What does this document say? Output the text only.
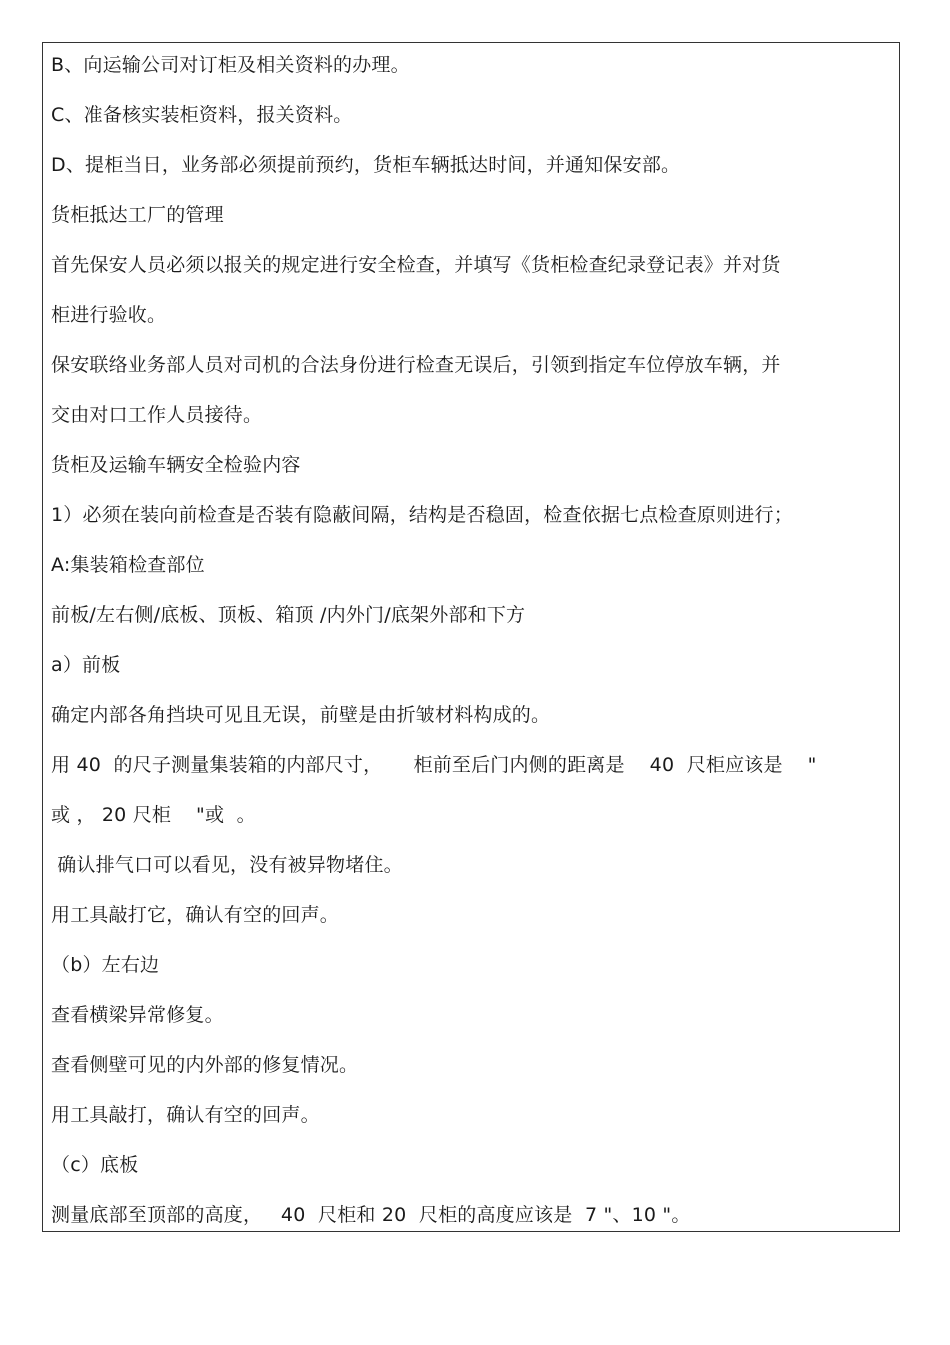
B、向运输公司对订柜及相关资料的办理。
C、准备核实装柜资料，报关资料。
D、提柜当日，业务部必须提前预约，货柜车辆抵达时间，并通知保安部。
货柜抵达工厂的管理
首先保安人员必须以报关的规定进行安全检查，并填写《货柜检查纪录登记表》并对货
柜进行验收。
保安联络业务部人员对司机的合法身份进行检查无误后，引领到指定车位停放车辆，并
交由对口工作人员接待。
货柜及运输车辆安全检验内容
1）必须在装向前检查是否装有隐蔽间隔，结构是否稳固，检查依据七点检查原则进行；
A:集装箱检查部位
前板/左右侧/底板、顶板、箱顶 /内外门/底架外部和下方
a）前板
确定内部各角挡块可见且无误，前壁是由折皱材料构成的。
用 40  的尺子测量集装箱的内部尺寸，     柜前至后门内侧的距离是    40  尺柜应该是    "
或 ， 20 尺柜    "或  。
确认排气口可以看见，没有被异物堵住。
用工具敲打它，确认有空的回声。
（b）左右边
查看横梁异常修复。
查看侧壁可见的内外部的修复情况。
用工具敲打，确认有空的回声。
（c）底板
测量底部至顶部的高度，   40  尺柜和 20  尺柜的高度应该是  7 "、10 "。
